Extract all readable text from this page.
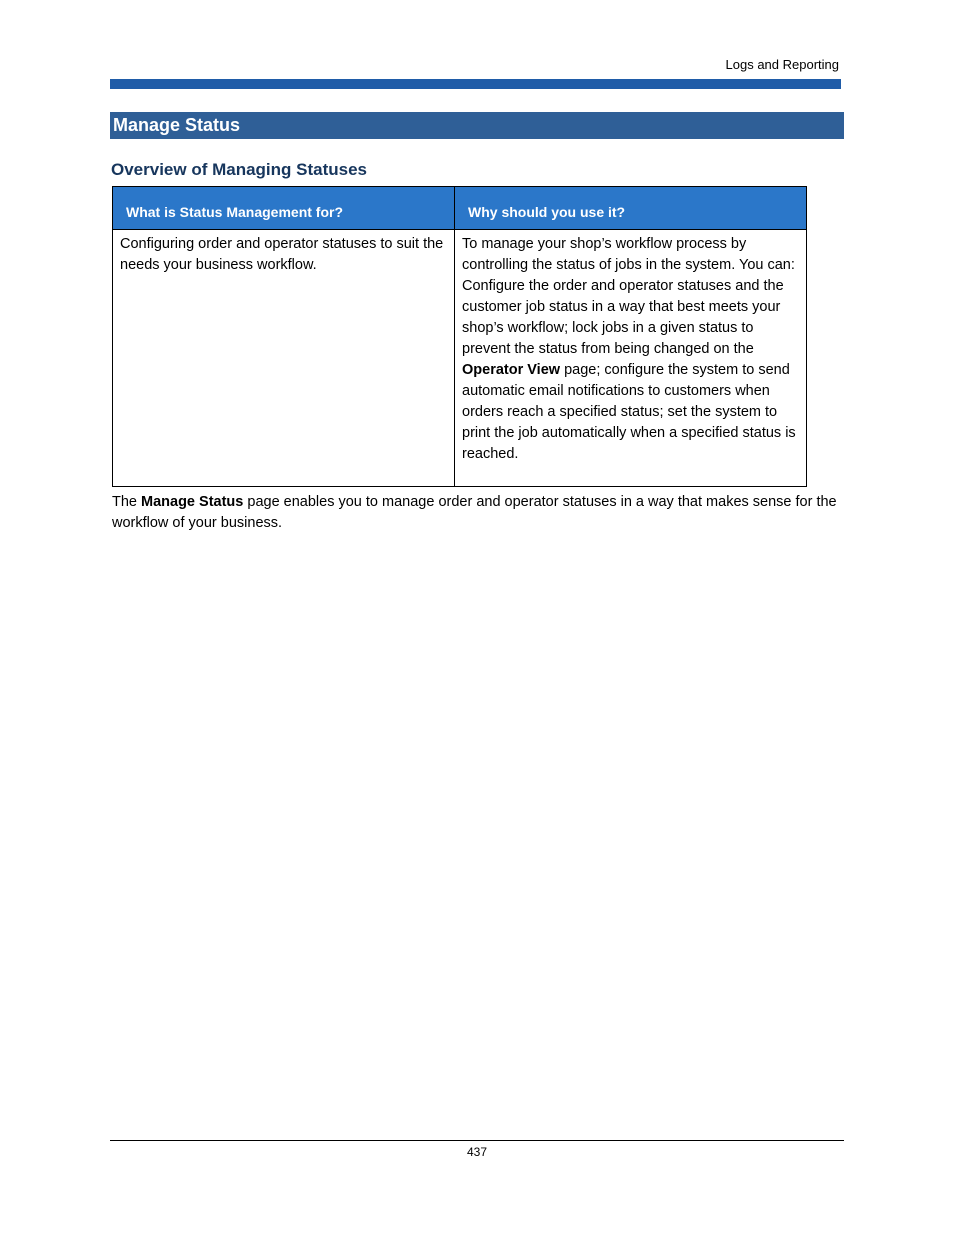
Logs and Reporting
Manage Status
Overview of Managing Statuses
What is Status Management for?	Why should you use it?
Configuring order and operator statuses to suit the needs your business workflow.	To manage your shop’s workflow process by controlling the status of jobs in the system. You can: Configure the order and operator statuses and the customer job status in a way that best meets your shop’s workflow; lock jobs in a given status to prevent the status from being changed on the Operator View page; configure the system to send automatic email notifications to customers when orders reach a specified status; set the system to print the job automatically when a specified status is reached.
The Manage Status page enables you to manage order and operator statuses in a way that makes sense for the workflow of your business.
437
